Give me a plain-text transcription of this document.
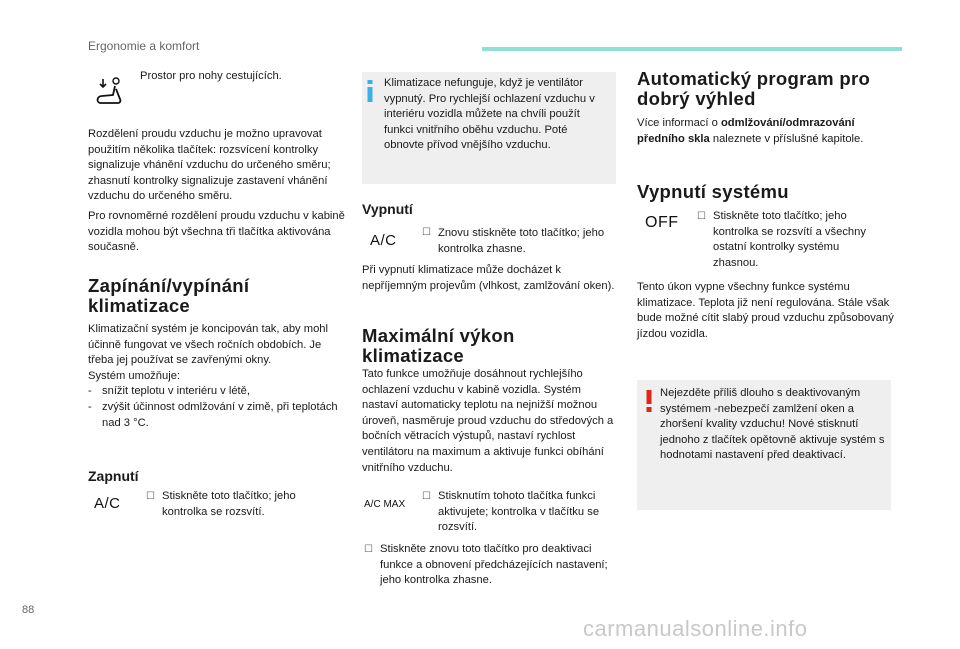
Ergonomie a komfort

Prostor pro nohy cestujících.

Rozdělení proudu vzduchu je možno upravovat použitím několika tlačítek: rozsvícení kontrolky signalizuje vhánění vzduchu do určeného směru; zhasnutí kontrolky signalizuje zastavení vhánění vzduchu do určeného směru.

Pro rovnoměrné rozdělení proudu vzduchu v kabině vozidla mohou být všechna tři tlačítka aktivována současně.

Zapínání/vypínání klimatizace

Klimatizační systém je koncipován tak, aby mohl účinně fungovat ve všech ročních obdobích. Je třeba jej používat se zavřenými okny.

Systém umožňuje:

- snížit teplotu v interiéru v létě,
- zvýšit účinnost odmlžování v zimě, při teplotách nad 3 °C.
Zapnutí
A/C	☐ Stiskněte toto tlačítko; jeho kontrolka se rozsvítí.

Klimatizace nefunguje, když je ventilátor vypnutý. Pro rychlejší ochlazení vzduchu v interiéru vozidla můžete na chvíli použít funkci vnitřního oběhu vzduchu. Poté obnovte přívod vnějšího vzduchu.

Vypnutí
A/C	☐ Znovu stiskněte toto tlačítko; jeho kontrolka zhasne.

Při vypnutí klimatizace může docházet k nepříjemným projevům (vlhkost, zamlžování oken).

Maximální výkon klimatizace

Tato funkce umožňuje dosáhnout rychlejšího ochlazení vzduchu v kabině vozidla. Systém nastaví automaticky teplotu na nejnižší možnou úroveň, nasměruje proud vzduchu do středových a bočních větracích výstupů, nastaví rychlost ventilátoru na maximum a aktivuje funkci obíhání vnitřního vzduchu.

A/C MAX
☐ Stisknutím tohoto tlačítka funkci aktivujete; kontrolka v tlačítku se rozsvítí.

☐ Stiskněte znovu toto tlačítko pro deaktivaci funkce a obnovení předcházejících nastavení; jeho kontrolka zhasne.

Automatický program pro dobrý výhled

Více informací o odmlžování/odmrazování předního skla naleznete v příslušné kapitole.

Vypnutí systému
OFF ☐ Stiskněte toto tlačítko; jeho kontrolka se rozsvítí a všechny ostatní kontrolky systému zhasnou.

Tento úkon vypne všechny funkce systému klimatizace. Teplota již není regulována. Stále však bude možné cítit slabý proud vzduchu způsobovaný jízdou vozidla.

Nejezděte příliš dlouho s deaktivovaným systémem -nebezpečí zamlžení oken a zhoršení kvality vzduchu! Nové stisknutí jednoho z tlačítek opětovně aktivuje systém s hodnotami nastavení před deaktivací.

88
carmanualsonline.info
